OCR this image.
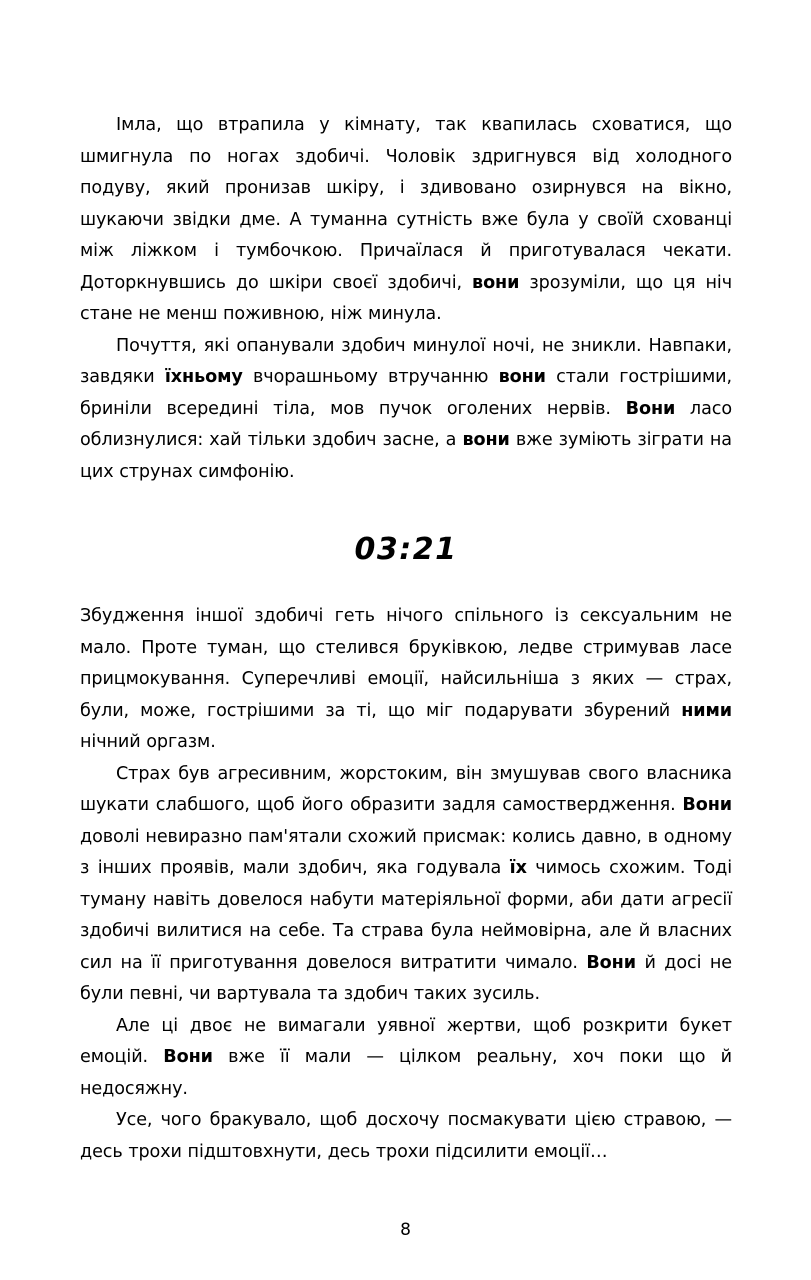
Імла, що втрапила у кімнату, так квапилась сховатися, що шмигнула по ногах здобичі. Чоловік здригнувся від холодного подуву, який пронизав шкіру, і здивовано озирнувся на вікно, шукаючи звідки дме. А туманна сутність вже була у своїй схованці між ліжком і тумбочкою. Причаїлася й приготувалася чекати. Доторкнувшись до шкіри своєї здобичі, вони зрозуміли, що ця ніч стане не менш поживною, ніж минула.

Почуття, які опанували здобич минулої ночі, не зникли. Навпаки, завдяки їхньому вчорашньому втручанню вони стали гострішими, бриніли всередині тіла, мов пучок оголених нервів. Вони ласо облизнулися: хай тільки здобич засне, а вони вже зуміють зіграти на цих струнах симфонію.

03:21

Збудження іншої здобичі геть нічого спільного із сексуальним не мало. Проте туман, що стелився бруківкою, ледве стримував ласе прицмокування. Суперечливі емоції, найсильніша з яких — страх, були, може, гострішими за ті, що міг подарувати збурений ними нічний оргазм.

Страх був агресивним, жорстоким, він змушував свого власника шукати слабшого, щоб його образити задля самоствердження. Вони доволі невиразно пам'ятали схожий присмак: колись давно, в одному з інших проявів, мали здобич, яка годувала їх чимось схожим. Тоді туману навіть довелося набути матеріяльної форми, аби дати агресії здобичі вилитися на себе. Та страва була неймовірна, але й власних сил на її приготування довелося витратити чимало. Вони й досі не були певні, чи вартувала та здобич таких зусиль.

Але ці двоє не вимагали уявної жертви, щоб розкрити букет емоцій. Вони вже її мали — цілком реальну, хоч поки що й недосяжну.

Усе, чого бракувало, щоб досхочу посмакувати цією стравою, — десь трохи підштовхнути, десь трохи підсилити емоції…

8
